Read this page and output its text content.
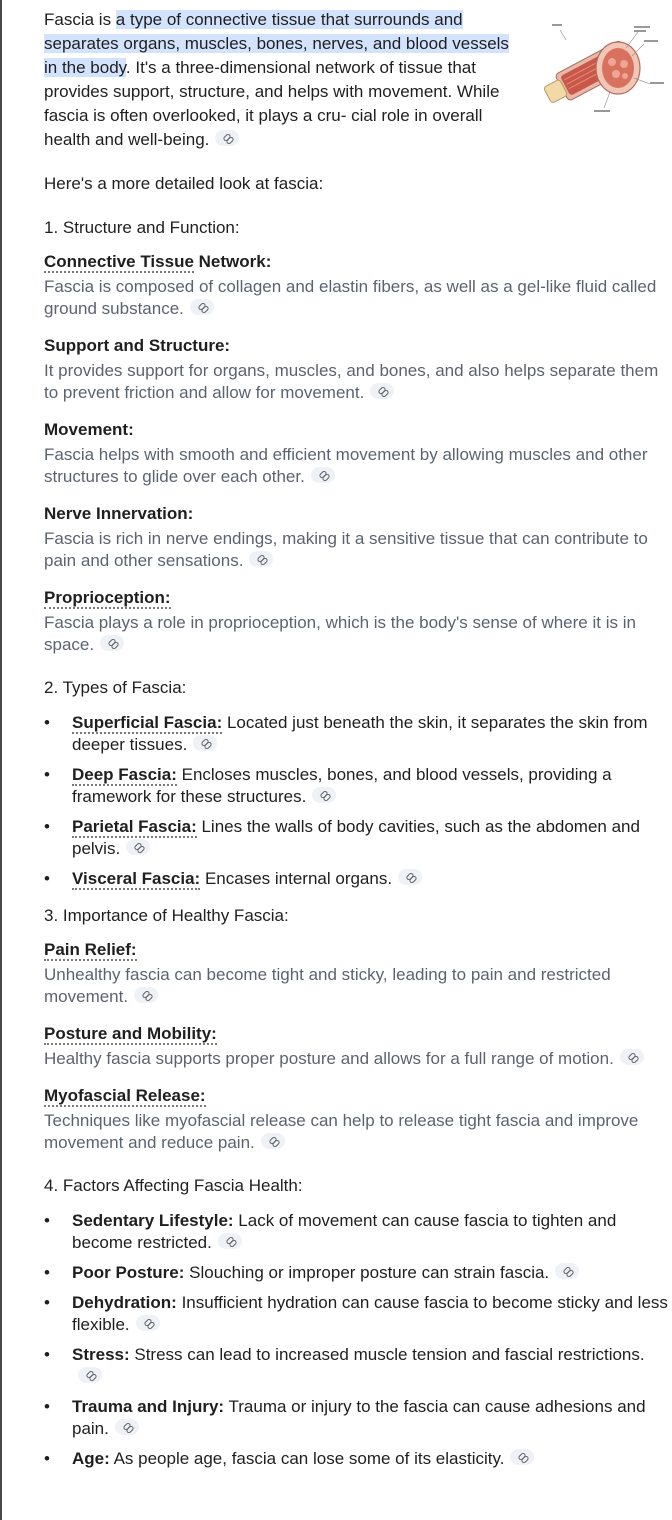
Fascia is a type of connective tissue that surrounds and separates organs, muscles, bones, nerves, and blood vessels in the body. It's a three-dimensional network of tissue that provides support, structure, and helps with movement. While fascia is often overlooked, it plays a cru- cial role in overall health and well-being.

Here's a more detailed look at fascia:

1. Structure and Function:

Connective Tissue Network:

Fascia is composed of collagen and elastin fibers, as well as a gel-like fluid called ground substance.

Support and Structure:

It provides support for organs, muscles, and bones, and also helps separate them to prevent friction and allow for movement.

Movement:

Fascia helps with smooth and efficient movement by allowing muscles and other structures to glide over each other.

Nerve Innervation:

Fascia is rich in nerve endings, making it a sensitive tissue that can contribute to pain and other sensations.

Proprioception:

Fascia plays a role in proprioception, which is the body's sense of where it is in space.

2. Types of Fascia:

• Superficial Fascia: Located just beneath the skin, it separates the skin from deeper tissues.
• Deep Fascia: Encloses muscles, bones, and blood vessels, providing a framework for these structures.
• Parietal Fascia: Lines the walls of body cavities, such as the abdomen and pelvis.
• Visceral Fascia: Encases internal organs.

3. Importance of Healthy Fascia:

Pain Relief:

Unhealthy fascia can become tight and sticky, leading to pain and restricted movement.

Posture and Mobility:

Healthy fascia supports proper posture and allows for a full range of motion.

Myofascial Release:

Techniques like myofascial release can help to release tight fascia and improve movement and reduce pain.

4. Factors Affecting Fascia Health:

• Sedentary Lifestyle: Lack of movement can cause fascia to tighten and become restricted.
• Poor Posture: Slouching or improper posture can strain fascia.
• Dehydration: Insufficient hydration can cause fascia to become sticky and less flexible.
• Stress: Stress can lead to increased muscle tension and fascial restrictions.
• Trauma and Injury: Trauma or injury to the fascia can cause adhesions and pain.
• Age: As people age, fascia can lose some of its elasticity.
